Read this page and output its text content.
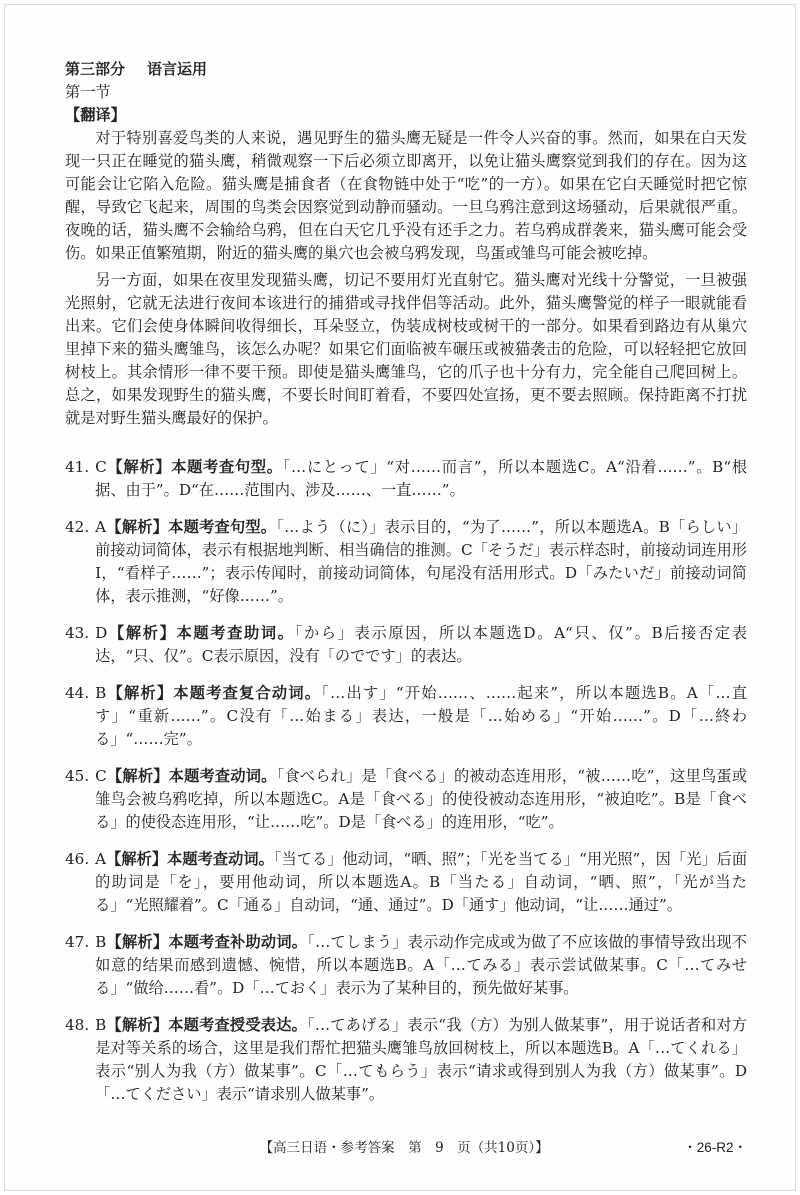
第三部分 语言运用
第一节
【翻译】
对于特别喜爱鸟类的人来说，遇见野生的猫头鹰无疑是一件令人兴奋的事。然而，如果在白天发现一只正在睡觉的猫头鹰，稍微观察一下后必须立即离开，以免让猫头鹰察觉到我们的存在。因为这可能会让它陷入危险。猫头鹰是捕食者（在食物链中处于“吃”的一方）。如果在它白天睡觉时把它惊醒，导致它飞起来，周围的鸟类会因察觉到动静而骚动。一旦乌鸦注意到这场骚动，后果就很严重。夜晚的话，猫头鹰不会输给乌鸦，但在白天它几乎没有还手之力。若乌鸦成群袭来，猫头鹰可能会受伤。如果正值繁殖期，附近的猫头鹰的巢穴也会被乌鸦发现，鸟蛋或雏鸟可能会被吃掉。
另一方面，如果在夜里发现猫头鹰，切记不要用灯光直射它。猫头鹰对光线十分警觉，一旦被强光照射，它就无法进行夜间本该进行的捕猎或寻找伴侣等活动。此外，猫头鹰警觉的样子一眼就能看出来。它们会使身体瞬间收得细长，耳朵竖立，伪装成树枝或树干的一部分。如果看到路边有从巢穴里掉下来的猫头鹰雏鸟，该怎么办呢？如果它们面临被车碾压或被猫袭击的危险，可以轻轻把它放回树枝上。其余情形一律不要干预。即使是猫头鹰雏鸟，它的爪子也十分有力，完全能自己爬回树上。总之，如果发现野生的猫头鹰，不要长时间盯着看，不要四处宣扬，更不要去照顾。保持距离不打扰就是对野生猫头鹰最好的保护。
41. C【解析】本题考查句型。「…にとって」“对……而言”，所以本题选C。A“沿着……”。B“根据、由于”。D“在……范围内、涉及……、一直……”。
42. A【解析】本题考查句型。「…よう（に）」表示目的，“为了……”，所以本题选A。B「らしい」前接动词简体，表示有根据地判断、相当确信的推测。C「そうだ」表示样态时，前接动词连用形Ⅰ，“看样子……”；表示传闻时，前接动词简体，句尾没有活用形式。D「みたいだ」前接动词简体，表示推测，“好像……”。
43. D【解析】本题考查助词。「から」表示原因，所以本题选D。A“只、仅”。B后接否定表达，“只、仅”。C表示原因，没有「のでです」的表达。
44. B【解析】本题考查复合动词。「…出す」“开始……、……起来”，所以本题选B。A「…直す」“重新……”。C没有「…始まる」表达，一般是「…始める」“开始……”。D「…終わる」“……完”。
45. C【解析】本题考查动词。「食べられ」是「食べる」的被动态连用形，“被……吃”，这里鸟蛋或雏鸟会被乌鸦吃掉，所以本题选C。A是「食べる」的使役被动态连用形，“被迫吃”。B是「食べる」的使役态连用形，“让……吃”。D是「食べる」的连用形，“吃”。
46. A【解析】本题考查动词。「当てる」他动词，“晒、照”；「光を当てる」“用光照”，因「光」后面的助词是「を」，要用他动词，所以本题选A。B「当たる」自动词，“晒、照”，「光が当たる」“光照耀着”。C「通る」自动词，“通、通过”。D「通す」他动词，“让……通过”。
47. B【解析】本题考查补助动词。「…てしまう」表示动作完成或为做了不应该做的事情导致出现不如意的结果而感到遗憾、惋惜，所以本题选B。A「…てみる」表示尝试做某事。C「…てみせる」“做给……看”。D「…ておく」表示为了某种目的，预先做好某事。
48. B【解析】本题考查授受表达。「…てあげる」表示“我（方）为别人做某事”，用于说话者和对方是对等关系的场合，这里是我们帮忙把猫头鹰雏鸟放回树枝上，所以本题选B。A「…てくれる」表示“别人为我（方）做某事”。C「…てもらう」表示“请求或得到别人为我（方）做某事”。D「…てください」表示“请求别人做某事”。
【高三日语・参考答案　第　9　页（共10页）】	・26-R2・
